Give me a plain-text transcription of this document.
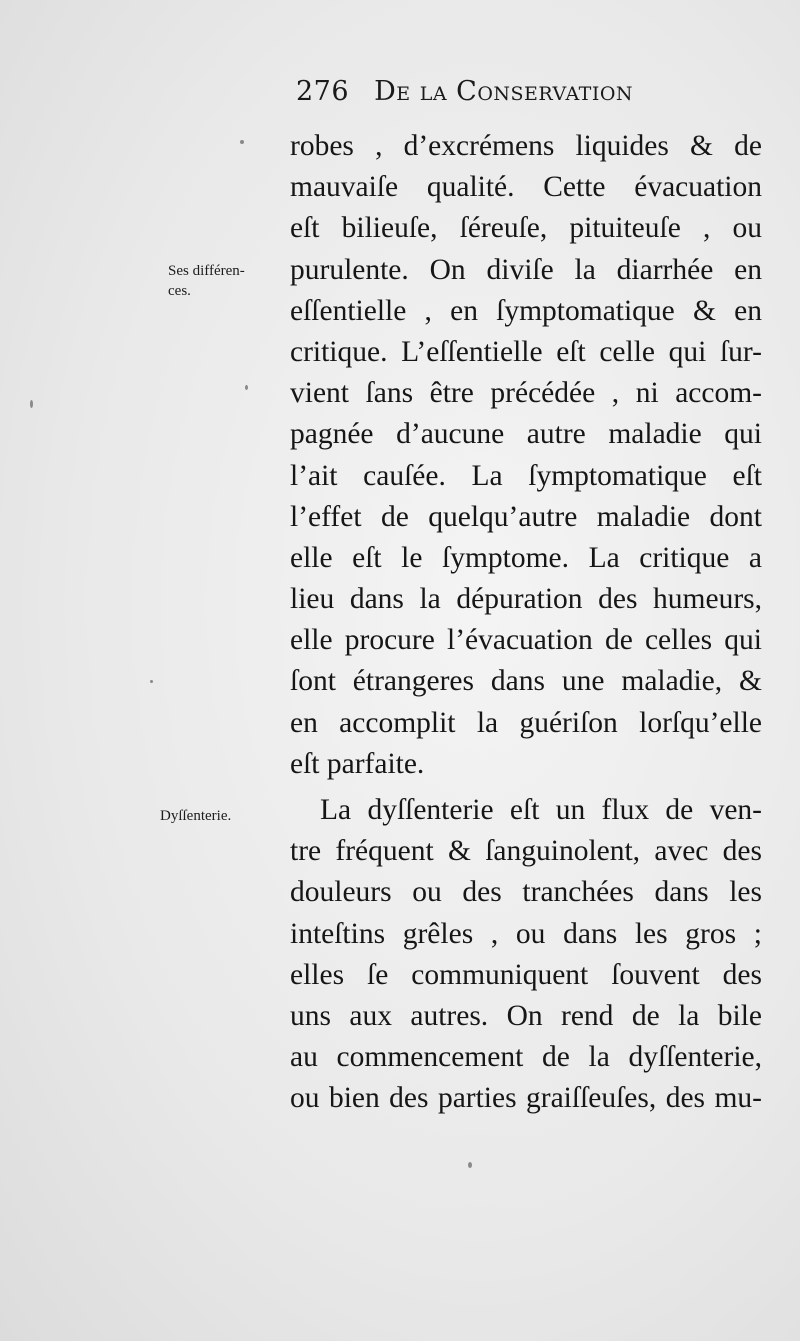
276 De la Conservation
Ses différen-
ces.
Dyſſenterie.
robes , d’excrémens liquides & de
mauvaiſe qualité. Cette évacuation
eſt bilieuſe, ſéreuſe, pituiteuſe , ou
purulente. On diviſe la diarrhée en
eſſentielle , en ſymptomatique & en
critique. L’eſſentielle eſt celle qui ſur-
vient ſans être précédée , ni accom-
pagnée d’aucune autre maladie qui
l’ait cauſée. La ſymptomatique eſt
l’effet de quelqu’autre maladie dont
elle eſt le ſymptome. La critique a
lieu dans la dépuration des humeurs,
elle procure l’évacuation de celles qui
ſont étrangeres dans une maladie, &
en accomplit la guériſon lorſqu’elle
eſt parfaite.
La dyſſenterie eſt un flux de ven-
tre fréquent & ſanguinolent, avec des
douleurs ou des tranchées dans les
inteſtins grêles , ou dans les gros ;
elles ſe communiquent ſouvent des
uns aux autres. On rend de la bile
au commencement de la dyſſenterie,
ou bien des parties graiſſeuſes, des mu-
